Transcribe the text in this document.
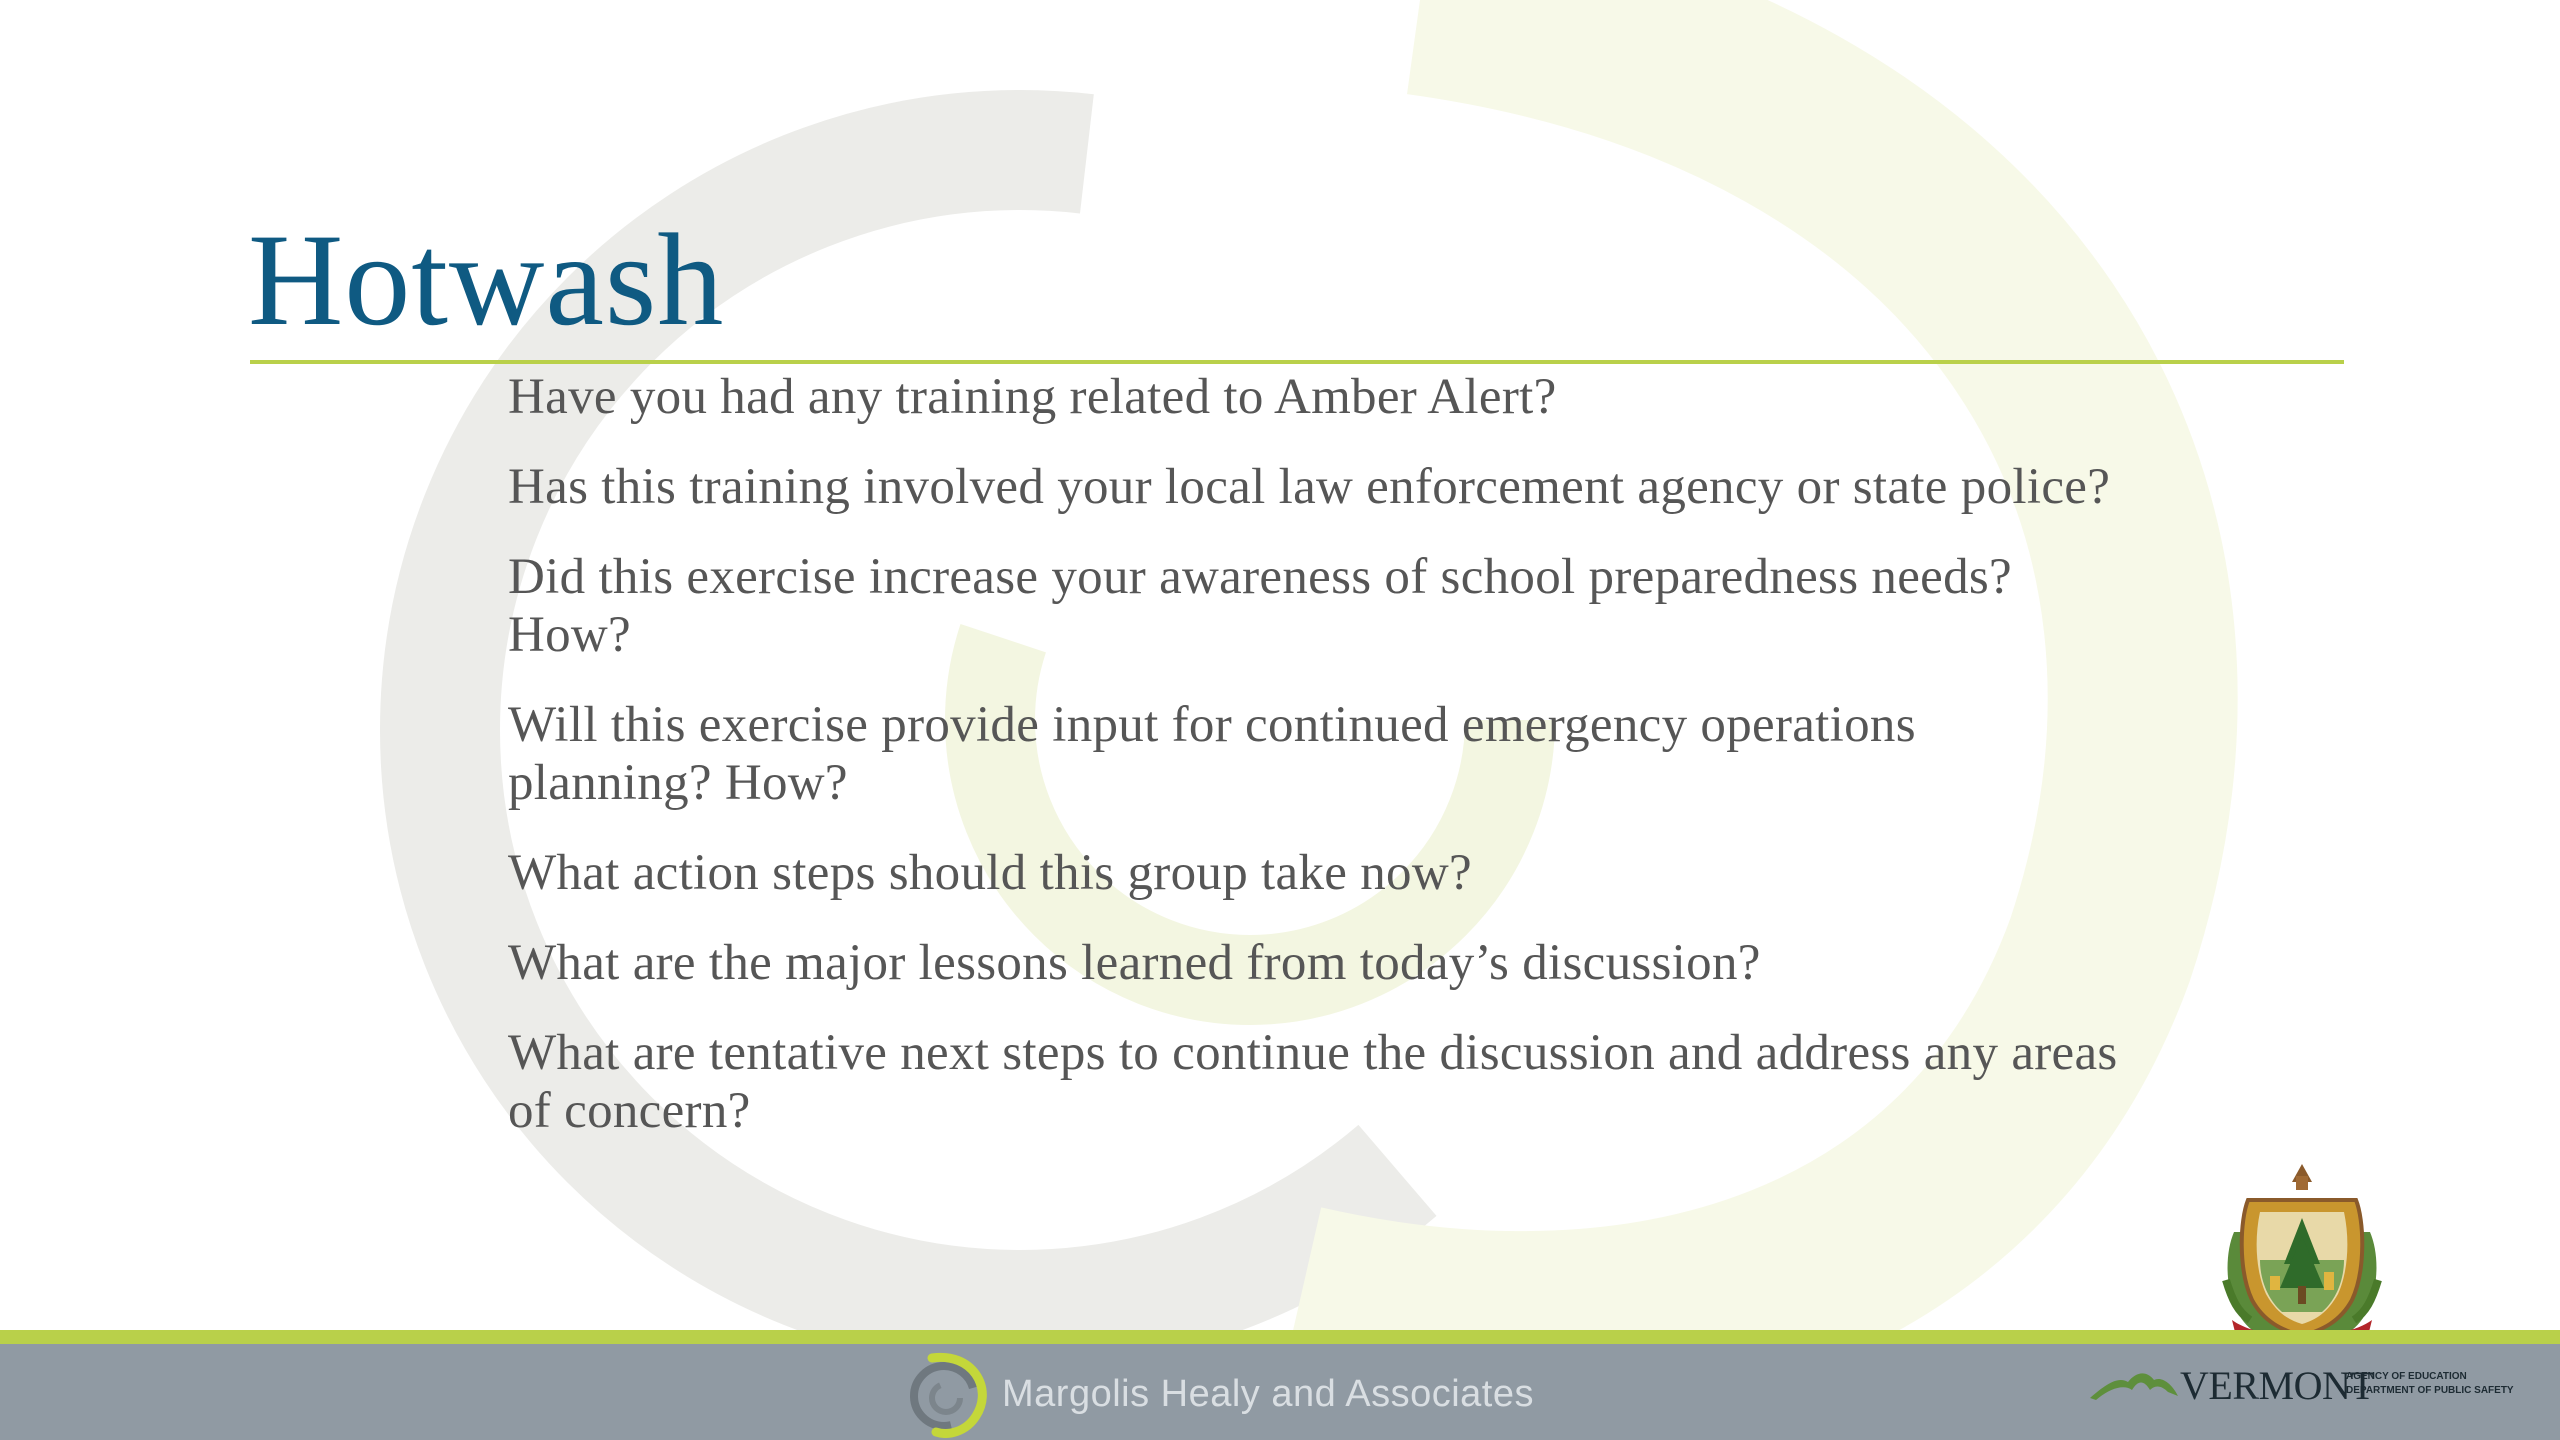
Hotwash
Have you had any training related to Amber Alert?
Has this training involved your local law enforcement agency or state police?
Did this exercise increase your awareness of school preparedness needs? How?
Will this exercise provide input for continued emergency operations planning? How?
What action steps should this group take now?
What are the major lessons learned from today’s discussion?
What are tentative next steps to continue the discussion and address any areas of concern?
Margolis Healy and Associates	VERMONT
AGENCY OF EDUCATION
DEPARTMENT OF PUBLIC SAFETY
